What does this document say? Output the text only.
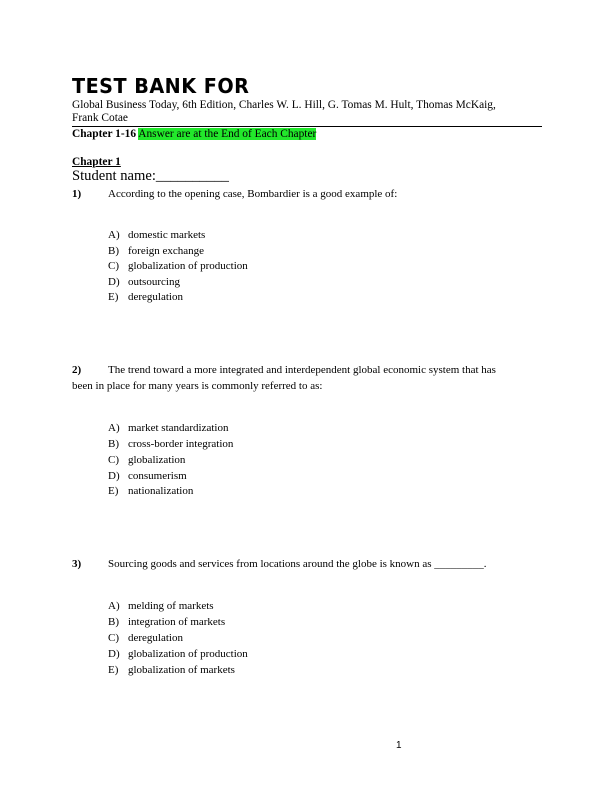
TEST BANK FOR
Global Business Today, 6th Edition, Charles W. L. Hill, G. Tomas M. Hult, Thomas McKaig,
Frank Cotae
Chapter 1-16 Answer are at the End of Each Chapter
Chapter 1
Student name:__________
1) According to the opening case, Bombardier is a good example of:
A) domestic markets
B) foreign exchange
C) globalization of production
D) outsourcing
E) deregulation
2) The trend toward a more integrated and interdependent global economic system that has
been in place for many years is commonly referred to as:
A) market standardization
B) cross-border integration
C) globalization
D) consumerism
E) nationalization
3) Sourcing goods and services from locations around the globe is known as _________.
A) melding of markets
B) integration of markets
C) deregulation
D) globalization of production
E) globalization of markets
1
